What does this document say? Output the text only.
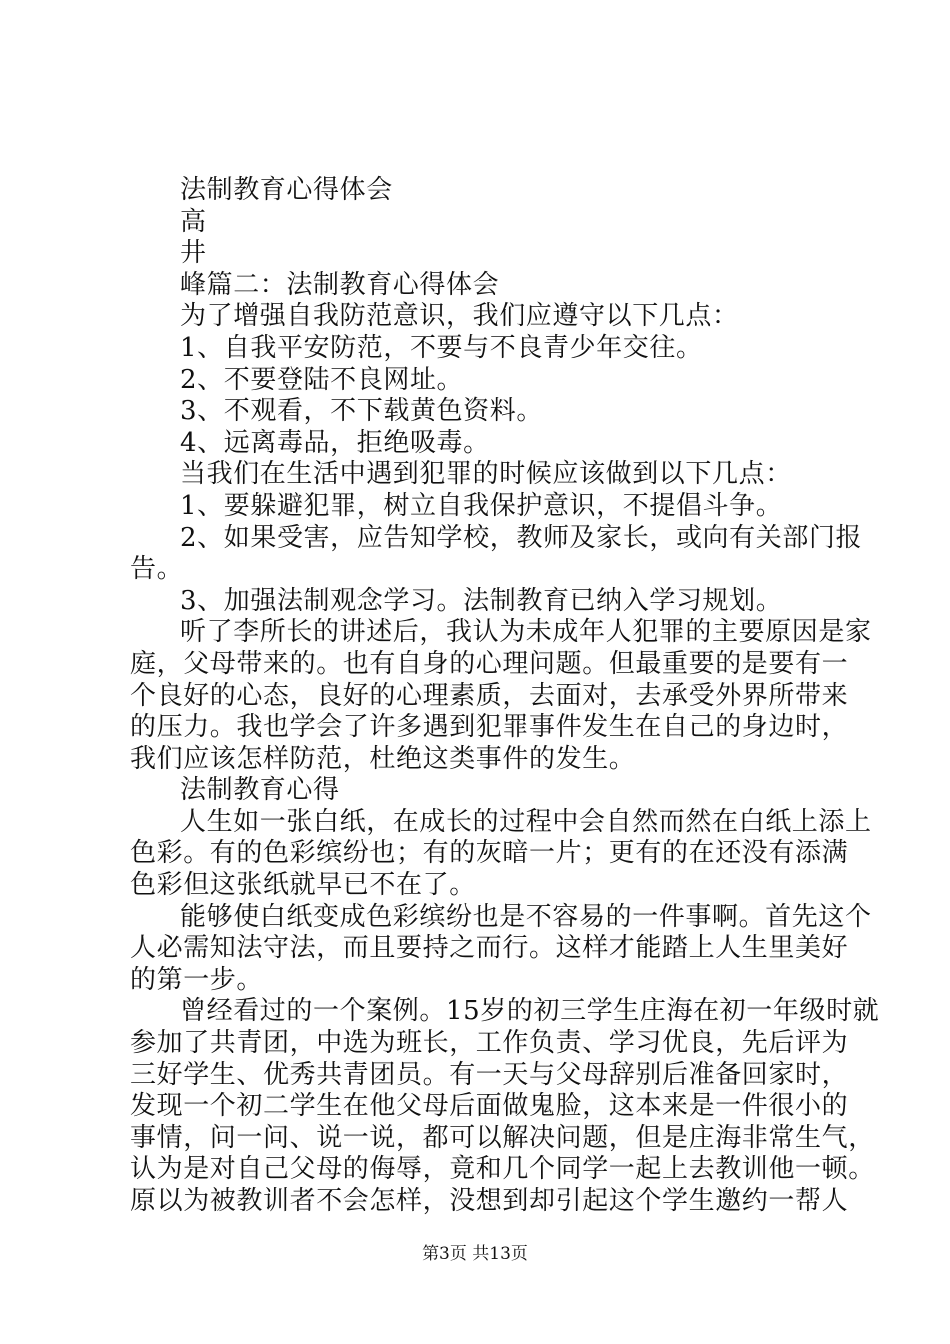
法制教育心得体会
高
井
峰篇二：法制教育心得体会
为了增强自我防范意识，我们应遵守以下几点：
1、自我平安防范，不要与不良青少年交往。
2、不要登陆不良网址。
3、不观看，不下载黄色资料。
4、远离毒品，拒绝吸毒。
当我们在生活中遇到犯罪的时候应该做到以下几点：
1、要躲避犯罪，树立自我保护意识，不提倡斗争。
2、如果受害，应告知学校，教师及家长，或向有关部门报
告。
3、加强法制观念学习。法制教育已纳入学习规划。
听了李所长的讲述后，我认为未成年人犯罪的主要原因是家
庭，父母带来的。也有自身的心理问题。但最重要的是要有一
个良好的心态，良好的心理素质，去面对，去承受外界所带来
的压力。我也学会了许多遇到犯罪事件发生在自己的身边时，
我们应该怎样防范，杜绝这类事件的发生。
法制教育心得
人生如一张白纸，在成长的过程中会自然而然在白纸上添上
色彩。有的色彩缤纷也；有的灰暗一片；更有的在还没有添满
色彩但这张纸就早已不在了。
能够使白纸变成色彩缤纷也是不容易的一件事啊。首先这个
人必需知法守法，而且要持之而行。这样才能踏上人生里美好
的第一步。
曾经看过的一个案例。15岁的初三学生庄海在初一年级时就
参加了共青团，中选为班长，工作负责、学习优良，先后评为
三好学生、优秀共青团员。有一天与父母辞别后准备回家时，
发现一个初二学生在他父母后面做鬼脸，这本来是一件很小的
事情，问一问、说一说，都可以解决问题，但是庄海非常生气，
认为是对自己父母的侮辱，竟和几个同学一起上去教训他一顿。
原以为被教训者不会怎样，没想到却引起这个学生邀约一帮人
第3页 共13页
